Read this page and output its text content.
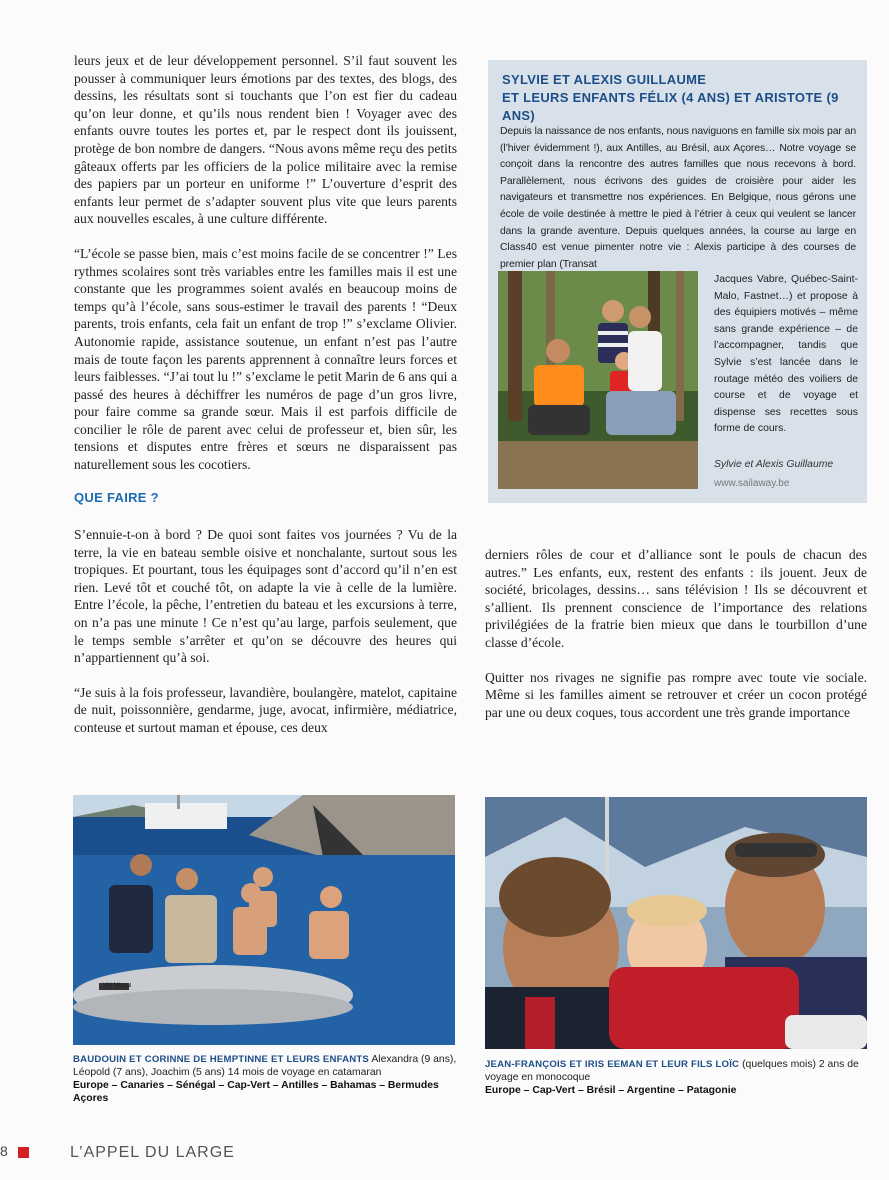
leurs jeux et de leur développement personnel. S’il faut souvent les pousser à communiquer leurs émotions par des textes, des blogs, des dessins, les résultats sont si touchants que l’on est fier du cadeau qu’on leur donne, et qu’ils nous rendent bien ! Voyager avec des enfants ouvre toutes les portes et, par le respect dont ils jouissent, protège de bon nombre de dangers. “Nous avons même reçu des petits gâteaux offerts par les officiers de la police militaire avec la remise des papiers par un porteur en uniforme !” L’ouverture d’esprit des enfants leur permet de s’adapter souvent plus vite que leurs parents aux nouvelles escales, à une culture différente.

“L’école se passe bien, mais c’est moins facile de se concentrer !” Les rythmes scolaires sont très variables entre les familles mais il est une constante que les programmes soient avalés en beaucoup moins de temps qu’à l’école, sans sous-estimer le travail des parents ! “Deux parents, trois enfants, cela fait un enfant de trop !” s’exclame Olivier. Autonomie rapide, assistance soutenue, un enfant n’est pas l’autre mais de toute façon les parents apprennent à connaître leurs forces et leurs faiblesses. “J’ai tout lu !” s’exclame le petit Marin de 6 ans qui a passé des heures à déchiffrer les numéros de page d’un gros livre, pour faire comme sa grande sœur. Mais il est parfois difficile de concilier le rôle de parent avec celui de professeur et, bien sûr, les tensions et disputes entre frères et sœurs ne disparaissent pas naturellement sous les cocotiers.

QUE FAIRE ?

S’ennuie-t-on à bord ? De quoi sont faites vos journées ? Vu de la terre, la vie en bateau semble oisive et nonchalante, surtout sous les tropiques. Et pourtant, tous les équipages sont d’accord qu’il n’en est rien. Levé tôt et couché tôt, on adapte la vie à celle de la lumière. Entre l’école, la pêche, l’entretien du bateau et les excursions à terre, on n’a pas une minute ! Ce n’est qu’au large, parfois seulement, que le temps semble s’arrêter et qu’on se découvre des heures qui n’appartiennent qu’à soi.

“Je suis à la fois professeur, lavandière, boulangère, matelot, capitaine de nuit, poissonnière, gendarme, juge, avocat, infirmière, médiatrice, conteuse et surtout maman et épouse, ces deux

SYLVIE ET ALEXIS GUILLAUME
ET LEURS ENFANTS FÉLIX (4 ANS) ET ARISTOTE (9 ANS)
Depuis la naissance de nos enfants, nous naviguons en famille six mois par an (l’hiver évidemment !), aux Antilles, au Brésil, aux Açores… Notre voyage se conçoit dans la rencontre des autres familles que nous recevons à bord. Parallèlement, nous écrivons des guides de croisière pour aider les navigateurs et transmettre nos expériences. En Belgique, nous gérons une école de voile destinée à mettre le pied à l’étrier à ceux qui veulent se lancer dans la grande aventure. Depuis quelques années, la course au large en Class40 est venue pimenter notre vie : Alexis participe à des courses de premier plan (Transat
Jacques Vabre, Québec-Saint-Malo, Fastnet…) et propose à des équipiers motivés – même sans grande expérience – de l’accompagner, tandis que Sylvie s’est lancée dans le routage météo des voiliers de course et de voyage et dispense ses recettes sous forme de cours.
Sylvie et Alexis Guillaume
www.sailaway.be

derniers rôles de cour et d’alliance sont le pouls de chacun des autres.” Les enfants, eux, restent des enfants : ils jouent. Jeux de société, bricolages, dessins… sans télévision ! Ils se découvrent et s’allient. Ils prennent conscience de l’importance des relations privilégiées de la fratrie bien mieux que dans le tourbillon d’une classe d’école.

Quitter nos rivages ne signifie pas rompre avec toute vie sociale. Même si les familles aiment se retrouver et créer un cocon protégé par une ou deux coques, tous accordent une très grande importance

YM Mistral
BAUDOUIN ET CORINNE DE HEMPTINNE ET LEURS ENFANTS Alexandra (9 ans), Léopold (7 ans), Joachim (5 ans) 14 mois de voyage en catamaran
Europe – Canaries – Sénégal – Cap-Vert – Antilles – Bahamas – Bermudes Açores
JEAN-FRANÇOIS ET IRIS EEMAN ET LEUR FILS LOÏC (quelques mois) 2 ans de voyage en monocoque
Europe – Cap-Vert – Brésil – Argentine – Patagonie
8	L’APPEL DU LARGE
